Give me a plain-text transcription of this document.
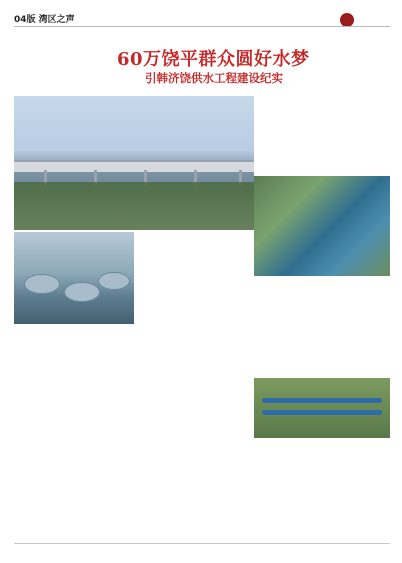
04版 湾区之声

60万饶平群众圆好水梦
引韩济饶供水工程建设纪实
